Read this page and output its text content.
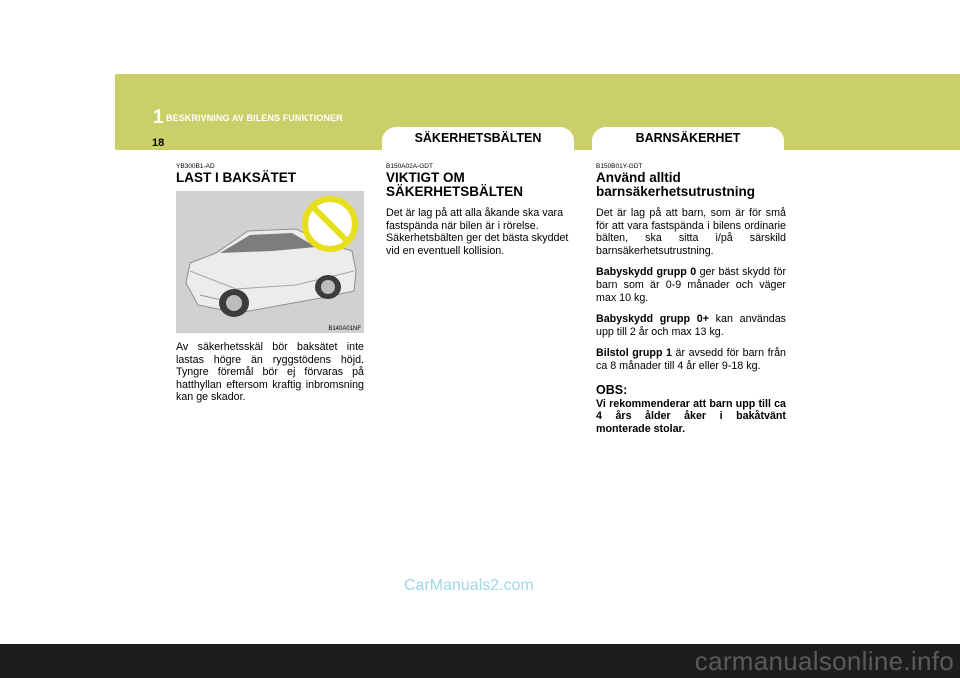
1 BESKRIVNING AV BILENS FUNKTIONER
18	SÄKERHETSBÄLTEN	BARNSÄKERHET
YB300B1-AD
LAST I BAKSÄTET
B140A01NF

Av säkerhetsskäl bör baksätet inte lastas högre än ryggstödens höjd. Tyngre föremål bör ej förvaras på hatthyllan eftersom kraftig inbromsning kan ge skador.

B150A02A-GDT
VIKTIGT OM SÄKERHETSBÄLTEN

Det är lag på att alla åkande ska vara fastspända när bilen är i rörelse. Säkerhetsbälten ger det bästa skyddet vid en eventuell kollision.

B150B01Y-GDT
Använd alltid barnsäkerhetsutrustning

Det är lag på att barn, som är för små för att vara fastspända i bilens ordinarie bälten, ska sitta i/på särskild barnsäkerhetsutrustning.

Babyskydd grupp 0 ger bäst skydd för barn som är 0-9 månader och väger max 10 kg.

Babyskydd grupp 0+ kan användas upp till 2 år och max 13 kg.

Bilstol grupp 1 är avsedd för barn från ca 8 månader till 4 år eller 9-18 kg.

OBS:

Vi rekommenderar att barn upp till ca 4 års ålder åker i bakåtvänt monterade stolar.

CarManuals2.com
carmanualsonline.info
